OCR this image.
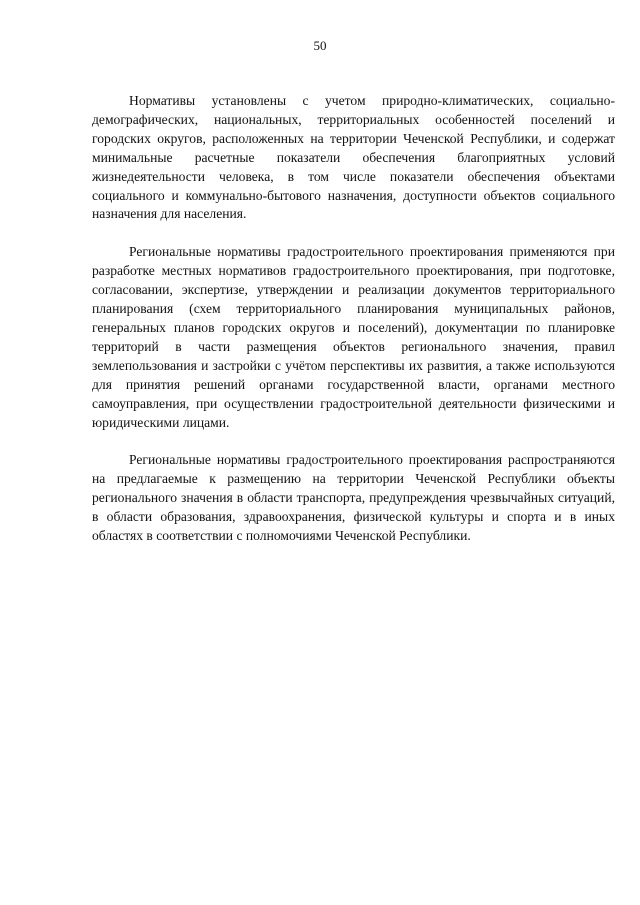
50

Нормативы установлены с учетом природно-климатических, социально-демографических, национальных, территориальных особенностей поселений и городских округов, расположенных на территории Чеченской Республики, и содержат минимальные расчетные показатели обеспечения благоприятных условий жизнедеятельности человека, в том числе показатели обеспечения объектами социального и коммунально-бытового назначения, доступности объектов социального назначения для населения.

Региональные нормативы градостроительного проектирования применяются при разработке местных нормативов градостроительного проектирования, при подготовке, согласовании, экспертизе, утверждении и реализации документов территориального планирования (схем территориального планирования муниципальных районов, генеральных планов городских округов и поселений), документации по планировке территорий в части размещения объектов регионального значения, правил землепользования и застройки с учётом перспективы их развития, а также используются для принятия решений органами государственной власти, органами местного самоуправления, при осуществлении градостроительной деятельности физическими и юридическими лицами.

Региональные нормативы градостроительного проектирования распространяются на предлагаемые к размещению на территории Чеченской Республики объекты регионального значения в области транспорта, предупреждения чрезвычайных ситуаций, в области образования, здравоохранения, физической культуры и спорта и в иных областях в соответствии с полномочиями Чеченской Республики.
